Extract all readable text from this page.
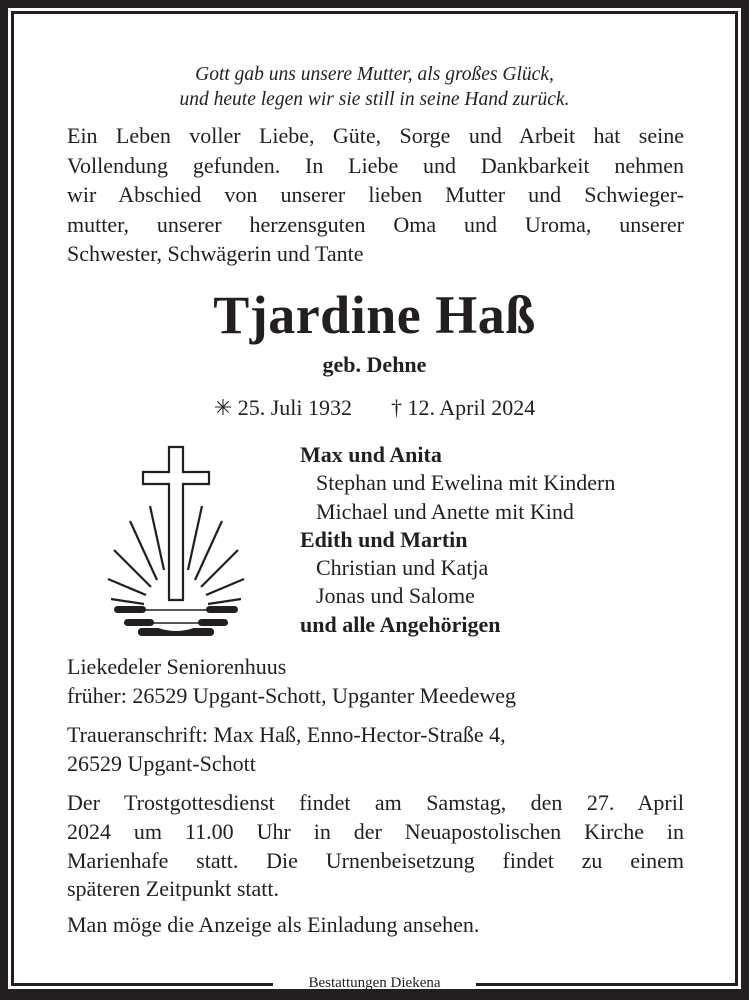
Bestattungen Diekena
Gott gab uns unsere Mutter, als großes Glück,
und heute legen wir sie still in seine Hand zurück.
Ein Leben voller Liebe, Güte, Sorge und Arbeit hat seine
Vollendung gefunden. In Liebe und Dankbarkeit nehmen
wir Abschied von unserer lieben Mutter und Schwieger-
mutter, unserer herzensguten Oma und Uroma, unserer
Schwester, Schwägerin und Tante
Tjardine Haß
geb. Dehne
✳ 25. Juli 1932 † 12. April 2024
Max und Anita
Stephan und Ewelina mit Kindern
Michael und Anette mit Kind
Edith und Martin
Christian und Katja
Jonas und Salome
und alle Angehörigen
Liekedeler Seniorenhuus
früher: 26529 Upgant-Schott, Upganter Meedeweg
Traueranschrift: Max Haß, Enno-Hector-Straße 4,
26529 Upgant-Schott
Der Trostgottesdienst findet am Samstag, den 27. April
2024 um 11.00 Uhr in der Neuapostolischen Kirche in
Marienhafe statt. Die Urnenbeisetzung findet zu einem
späteren Zeitpunkt statt.
Man möge die Anzeige als Einladung ansehen.
